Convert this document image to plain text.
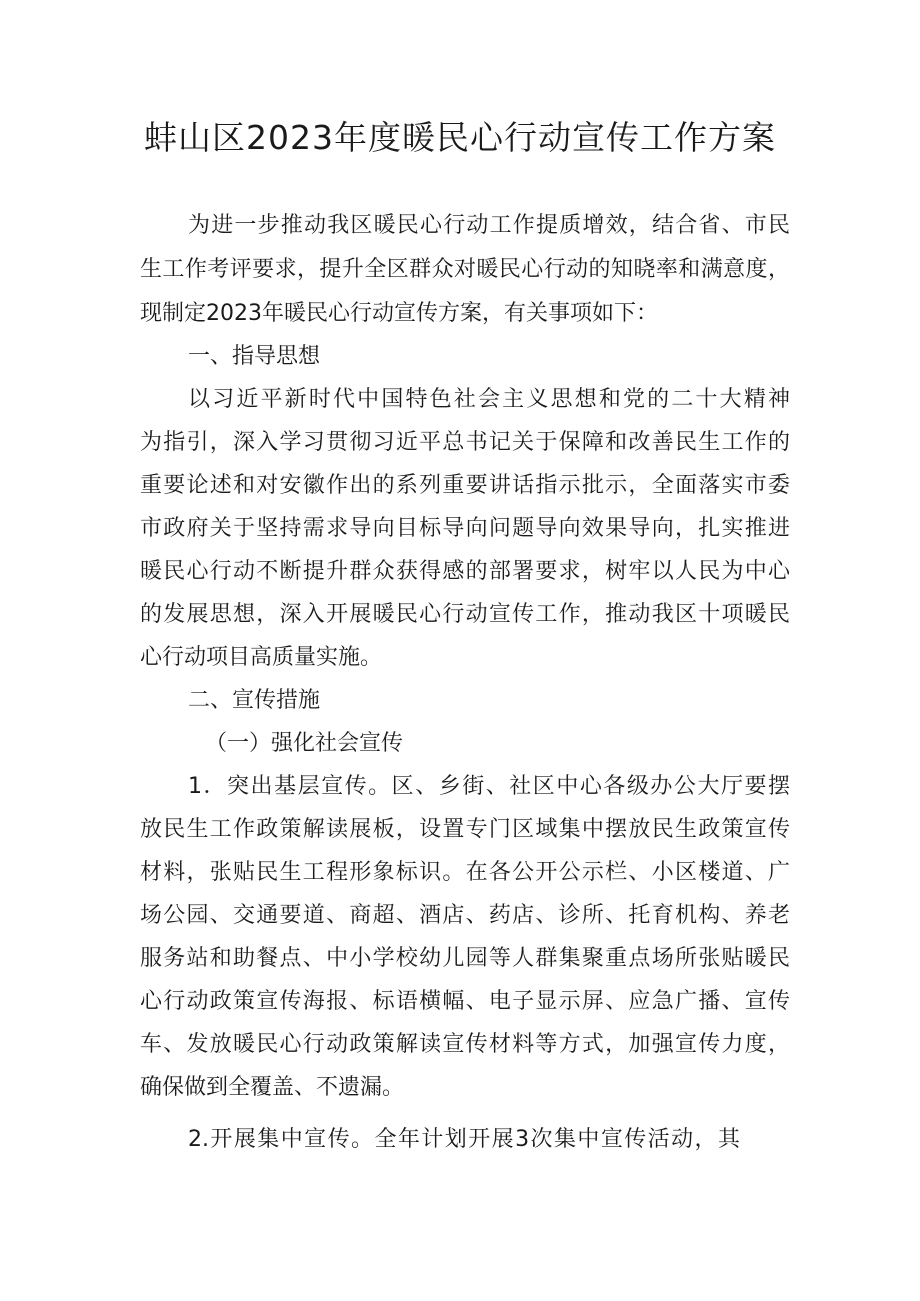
蚌山区2023年度暖民心行动宣传工作方案

为进一步推动我区暖民心行动工作提质增效，结合省、市民

生工作考评要求，提升全区群众对暖民心行动的知晓率和满意度，

现制定2023年暖民心行动宣传方案，有关事项如下：

一、指导思想

以习近平新时代中国特色社会主义思想和党的二十大精神

为指引，深入学习贯彻习近平总书记关于保障和改善民生工作的

重要论述和对安徽作出的系列重要讲话指示批示，全面落实市委

市政府关于坚持需求导向目标导向问题导向效果导向，扎实推进

暖民心行动不断提升群众获得感的部署要求，树牢以人民为中心

的发展思想，深入开展暖民心行动宣传工作，推动我区十项暖民

心行动项目高质量实施。

二、宣传措施

（一）强化社会宣传

1．突出基层宣传。区、乡街、社区中心各级办公大厅要摆

放民生工作政策解读展板，设置专门区域集中摆放民生政策宣传

材料，张贴民生工程形象标识。在各公开公示栏、小区楼道、广

场公园、交通要道、商超、酒店、药店、诊所、托育机构、养老

服务站和助餐点、中小学校幼儿园等人群集聚重点场所张贴暖民

心行动政策宣传海报、标语横幅、电子显示屏、应急广播、宣传

车、发放暖民心行动政策解读宣传材料等方式，加强宣传力度，

确保做到全覆盖、不遗漏。

2.开展集中宣传。全年计划开展3次集中宣传活动，其
